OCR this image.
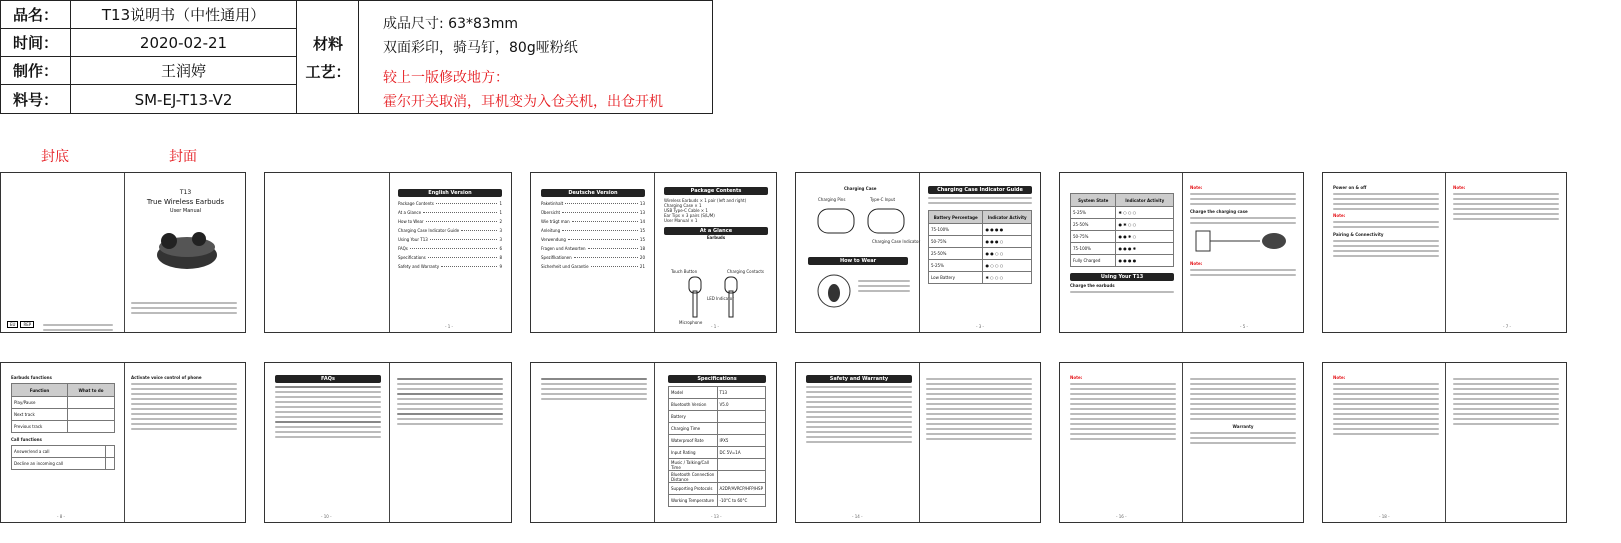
品名：	T13说明书（中性通用）
时间：	2020-02-21
制作：	王润婷
料号：	SM-EJ-T13-V2
材料
工艺：
成品尺寸: 63*83mm
双面彩印，骑马钉，80g哑粉纸
较上一版修改地方：
霍尔开关取消，耳机变为入仓关机，出仓开机
封底	封面
EU	REP
T13
True Wireless Earbuds
User Manual
English Version
Package Contents	1
At a Glance	1
How to Wear	2
Charging Case Indicator Guide	3
Using Your T13	3
FAQs	6
Specifications	8
Safety and Warranty	9
- 1 -
Deutsche Version
Paketinhalt	13
Übersicht	13
Wie trägt man	14
Anleitung	15
Verwendung	15
Fragen und Antworten	18
Spezifikationen	20
Sicherheit und Garantie	21
Package Contents
Wireless Earbuds × 1 pair (left and right)
Charging Case × 1
USB Type-C Cable × 1
Ear Tips × 3 pairs (S/L/M)
User Manual × 1
At a Glance
Earbuds
Touch Button	Charging Contacts
LED Indicator
Microphone
- 1 -
Charging Case
Charging Pins	Type-C Input
Charging Case Indicator
How to Wear
Charging Case Indicator Guide
Battery Percentage	Indicator Activity
75-100%	● ● ● ●
50-75%	● ● ● ○
25-50%	● ● ○ ○
5-25%	● ○ ○ ○
Low Battery	✱ ○ ○ ○
- 3 -
System State	Indicator Activity
5-25%	✱ ○ ○ ○
25-50%	● ✱ ○ ○
50-75%	● ● ✱ ○
75-100%	● ● ● ✱
Fully Charged	● ● ● ●
Using Your T13
Charge the earbuds
Note:
Charge the charging case
Note:
- 5 -
Power on & off
Note:
Pairing & Connectivity
Note:
- 7 -
Earbuds functions
Function	What to do
Play/Pause	
Next track	
Previous track	
Call functions
Answer/end a call	
Decline an incoming call	
Activate voice control of phone
- 8 -
FAQs
- 10 -
Specifications
Model	T13
Bluetooth Version	V5.0
Battery	
Charging Time	
Waterproof Rate	IPX5
Input Rating	DC 5V=1A
Music / Talking/Call Time	
Bluetooth Connection Distance	
Supporting Protocols	A2DP/AVRCP/HFP/HSP
Working Temperature	-10°C to 60°C
- 13 -
Safety and Warranty
- 14 -
Note:
Warranty
- 16 -
Note:
- 18 -
